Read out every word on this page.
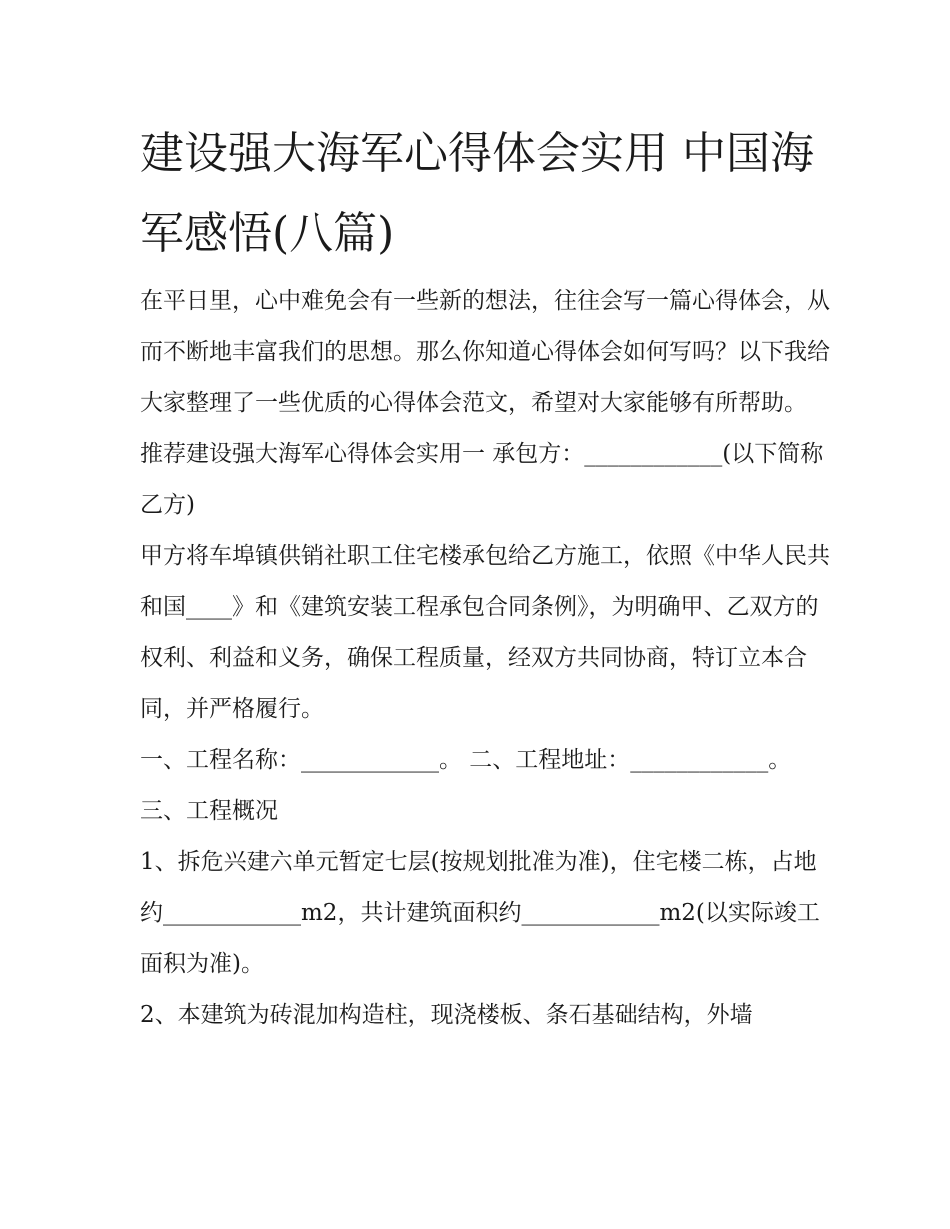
建设强大海军心得体会实用 中国海军感悟(八篇)

在平日里，心中难免会有一些新的想法，往往会写一篇心得体会，从而不断地丰富我们的思想。那么你知道心得体会如何写吗？以下我给大家整理了一些优质的心得体会范文，希望对大家能够有所帮助。

推荐建设强大海军心得体会实用一 承包方：____________(以下简称乙方)

甲方将车埠镇供销社职工住宅楼承包给乙方施工，依照《中华人民共和国____》和《建筑安装工程承包合同条例》，为明确甲、乙双方的权利、利益和义务，确保工程质量，经双方共同协商，特订立本合同，并严格履行。

一、工程名称：____________。 二、工程地址：____________。 三、工程概况

1、拆危兴建六单元暂定七层(按规划批准为准)，住宅楼二栋，占地约____________m2，共计建筑面积约____________m2(以实际竣工面积为准)。

2、本建筑为砖混加构造柱，现浇楼板、条石基础结构，外墙
